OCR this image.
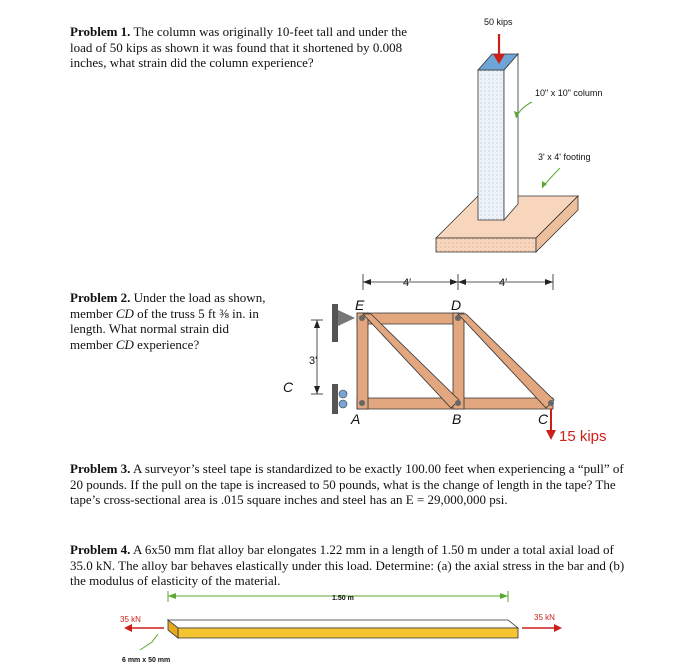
Problem 1. The column was originally 10-feet tall and under the load of 50 kips as shown it was found that it shortened by 0.008 inches, what strain did the column experience?
50 kips
10" x 10" column
3' x 4' footing
Problem 2. Under the load as shown, member CD of the truss 5 ft ⅜ in. in length. What normal strain did member CD experience?
4'	4'
3'
C
E	D
A	B	C
15 kips
Problem 3. A surveyor’s steel tape is standardized to be exactly 100.00 feet when experiencing a “pull” of 20 pounds. If the pull on the tape is increased to 50 pounds, what is the change of length in the tape? The tape’s cross-sectional area is .015 square inches and steel has an E = 29,000,000 psi.
Problem 4. A 6x50 mm flat alloy bar elongates 1.22 mm in a length of 1.50 m under a total axial load of 35.0 kN. The alloy bar behaves elastically under this load. Determine: (a) the axial stress in the bar and (b) the modulus of elasticity of the material.
1.50 m
35 kN	35 kN
6 mm x 50 mm
